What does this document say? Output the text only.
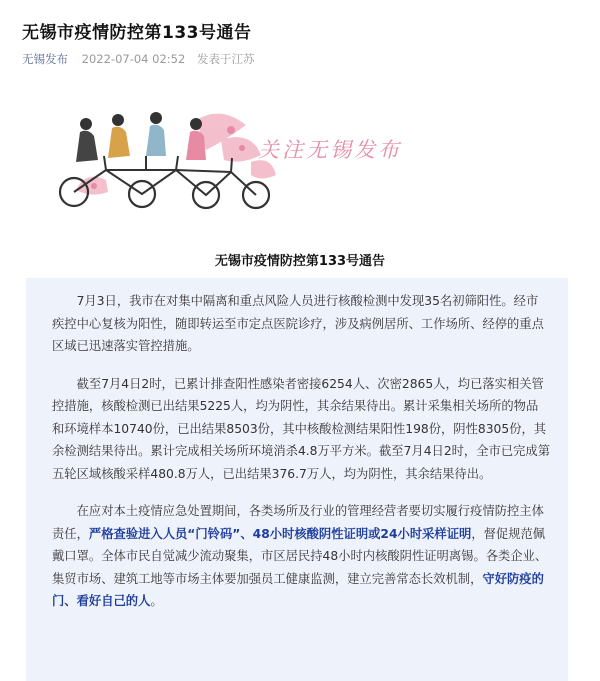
无锡市疫情防控第133号通告
无锡发布 2022-07-04 02:52 发表于江苏
关注无锡发布
无锡市疫情防控第133号通告

7月3日，我市在对集中隔离和重点风险人员进行核酸检测中发现35名初筛阳性。经市疾控中心复核为阳性，随即转运至市定点医院诊疗，涉及病例居所、工作场所、经停的重点区域已迅速落实管控措施。

截至7月4日2时，已累计排查阳性感染者密接6254人、次密2865人，均已落实相关管控措施，核酸检测已出结果5225人，均为阴性，其余结果待出。累计采集相关场所的物品和环境样本10740份，已出结果8503份，其中核酸检测结果阳性198份，阴性8305份，其余检测结果待出。累计完成相关场所环境消杀4.8万平方米。截至7月4日2时，全市已完成第五轮区域核酸采样480.8万人，已出结果376.7万人，均为阴性，其余结果待出。

在应对本土疫情应急处置期间，各类场所及行业的管理经营者要切实履行疫情防控主体责任，严格查验进入人员“门铃码”、48小时核酸阴性证明或24小时采样证明，督促规范佩戴口罩。全体市民自觉减少流动聚集，市区居民持48小时内核酸阴性证明离锡。各类企业、集贸市场、建筑工地等市场主体要加强员工健康监测，建立完善常态长效机制，守好防疫的门、看好自己的人。
